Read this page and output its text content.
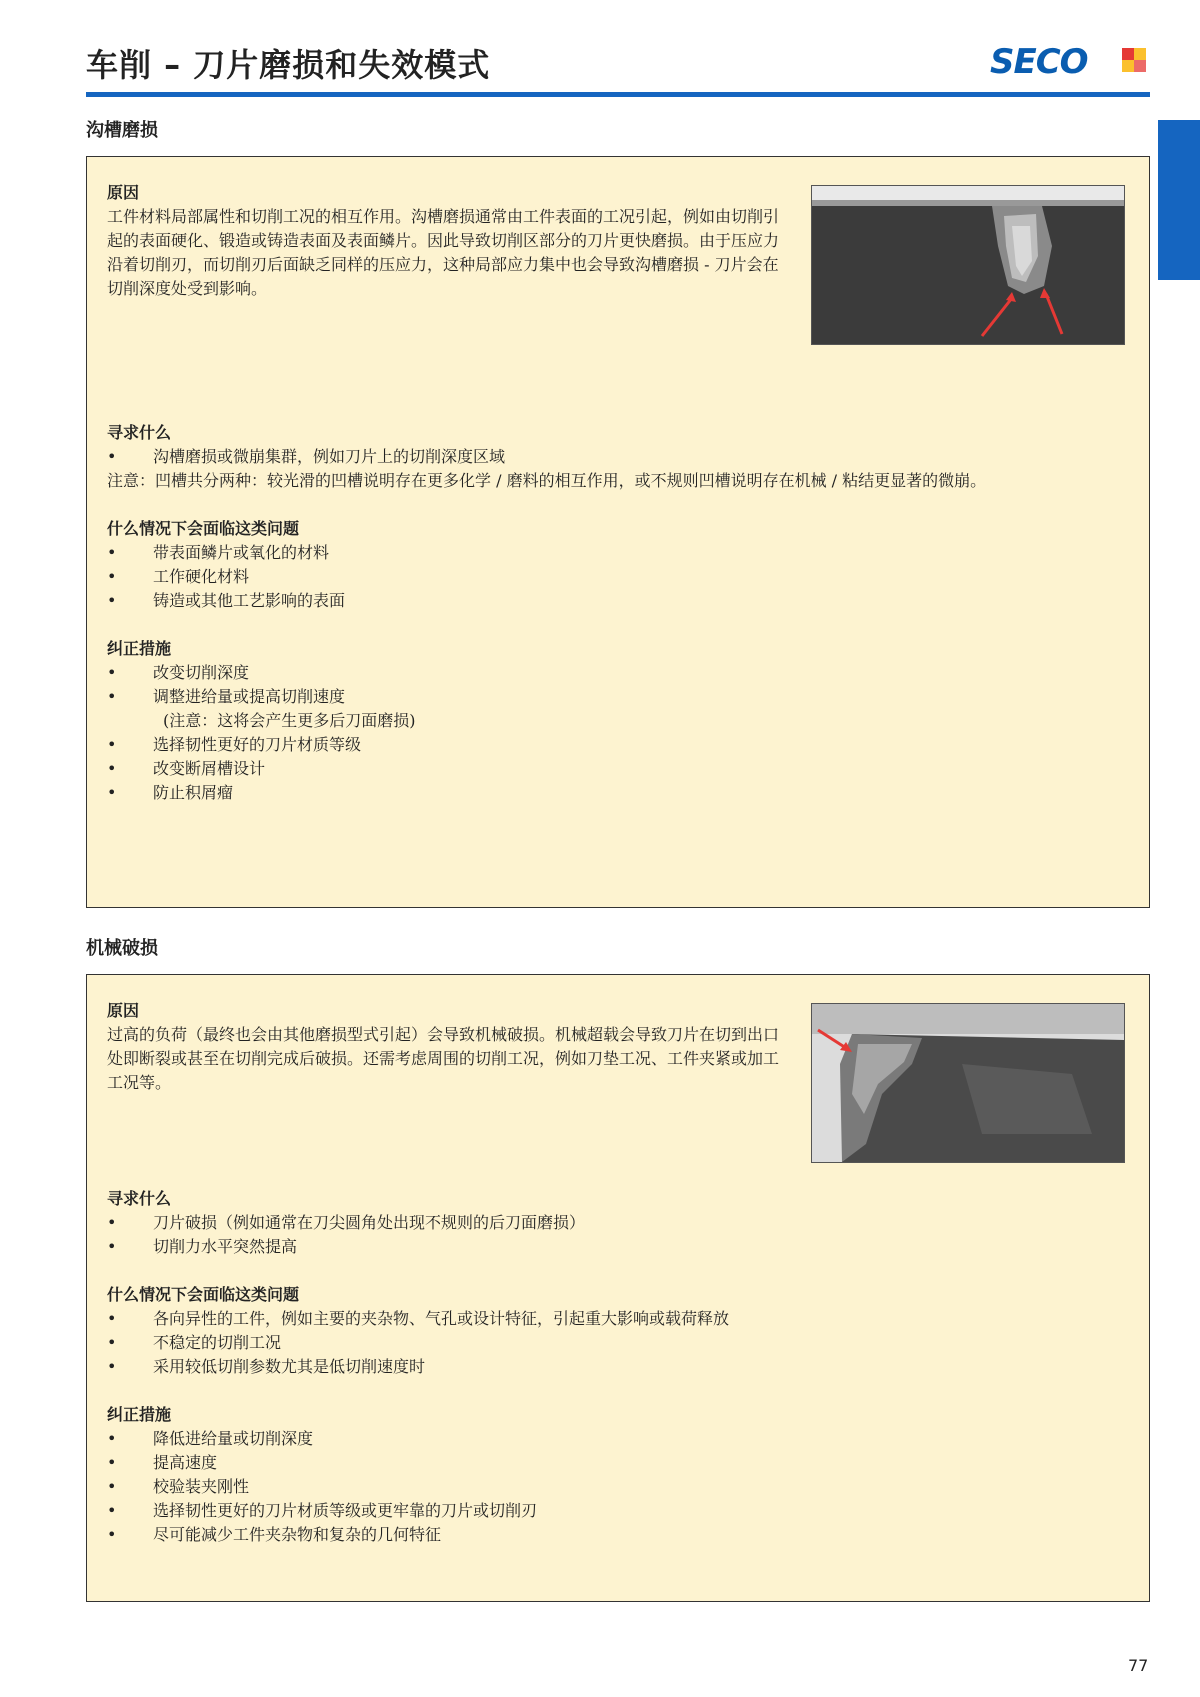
车削 – 刀片磨损和失效模式	SECO
沟槽磨损
原因
工件材料局部属性和切削工况的相互作用。沟槽磨损通常由工件表面的工况引起，例如由切削引起的表面硬化、锻造或铸造表面及表面鳞片。因此导致切削区部分的刀片更快磨损。由于压应力沿着切削刃，而切削刃后面缺乏同样的压应力，这种局部应力集中也会导致沟槽磨损 - 刀片会在切削深度处受到影响。
寻求什么
• 沟槽磨损或微崩集群，例如刀片上的切削深度区域
注意：凹槽共分两种：较光滑的凹槽说明存在更多化学 / 磨料的相互作用，或不规则凹槽说明存在机械 / 粘结更显著的微崩。
什么情况下会面临这类问题
• 带表面鳞片或氧化的材料
• 工作硬化材料
• 铸造或其他工艺影响的表面
纠正措施
• 改变切削深度
• 调整进给量或提高切削速度
(注意：这将会产生更多后刀面磨损)
• 选择韧性更好的刀片材质等级
• 改变断屑槽设计
• 防止积屑瘤
机械破损
原因
过高的负荷（最终也会由其他磨损型式引起）会导致机械破损。机械超载会导致刀片在切到出口处即断裂或甚至在切削完成后破损。还需考虑周围的切削工况，例如刀垫工况、工件夹紧或加工工况等。
寻求什么
• 刀片破损（例如通常在刀尖圆角处出现不规则的后刀面磨损）
• 切削力水平突然提高
什么情况下会面临这类问题
• 各向异性的工件，例如主要的夹杂物、气孔或设计特征，引起重大影响或载荷释放
• 不稳定的切削工况
• 采用较低切削参数尤其是低切削速度时
纠正措施
• 降低进给量或切削深度
• 提高速度
• 校验装夹刚性
• 选择韧性更好的刀片材质等级或更牢靠的刀片或切削刃
• 尽可能减少工件夹杂物和复杂的几何特征
77
